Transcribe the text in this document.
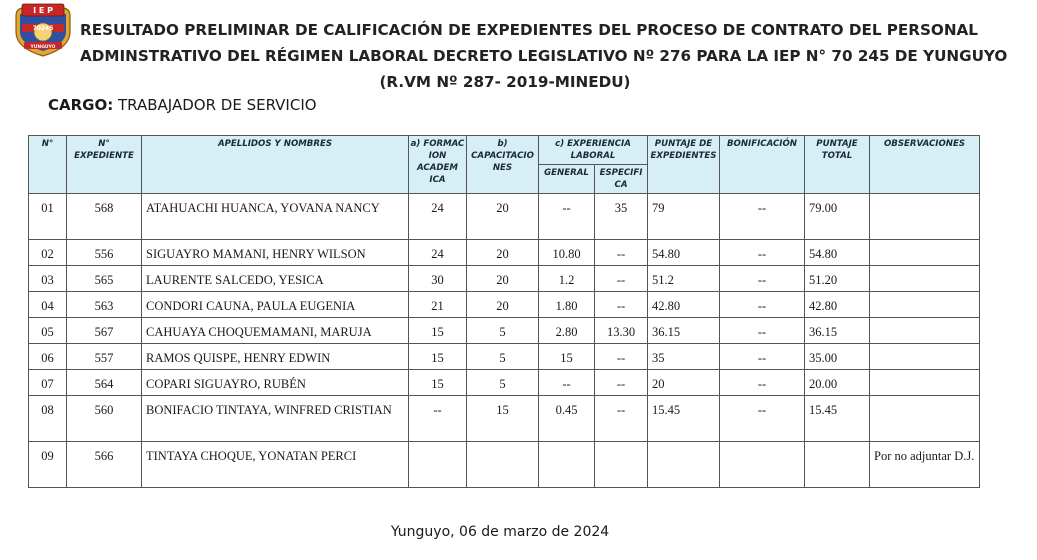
I E P
70245
YUNGUYO
RESULTADO PRELIMINAR DE CALIFICACIÓN DE EXPEDIENTES DEL PROCESO DE CONTRATO DEL PERSONAL
ADMINSTRATIVO DEL RÉGIMEN LABORAL DECRETO LEGISLATIVO Nº 276 PARA LA IEP N° 70 245 DE YUNGUYO
(R.VM Nº 287- 2019-MINEDU)
CARGO: TRABAJADOR DE SERVICIO
N°	N° EXPEDIENTE	APELLIDOS Y NOMBRES	a) FORMAC ION ACADEM ICA	b) CAPACITACIO NES	c) EXPERIENCIA LABORAL		PUNTAJE DE EXPEDIENTES	BONIFICACIÓN	PUNTAJE TOTAL	OBSERVACIONES
					GENERAL	ESPECIFI CA				
01	568	ATAHUACHI HUANCA, YOVANA NANCY	24	20	--	35	79	--	79.00	
02	556	SIGUAYRO MAMANI, HENRY WILSON	24	20	10.80	--	54.80	--	54.80	
03	565	LAURENTE SALCEDO, YESICA	30	20	1.2	--	51.2	--	51.20	
04	563	CONDORI CAUNA, PAULA EUGENIA	21	20	1.80	--	42.80	--	42.80	
05	567	CAHUAYA CHOQUEMAMANI, MARUJA	15	5	2.80	13.30	36.15	--	36.15	
06	557	RAMOS QUISPE, HENRY EDWIN	15	5	15	--	35	--	35.00	
07	564	COPARI SIGUAYRO, RUBÉN	15	5	--	--	20	--	20.00	
08	560	BONIFACIO TINTAYA, WINFRED CRISTIAN	--	15	0.45	--	15.45	--	15.45	
09	566	TINTAYA CHOQUE, YONATAN PERCI								Por no adjuntar D.J.
Yunguyo, 06 de marzo de 2024
